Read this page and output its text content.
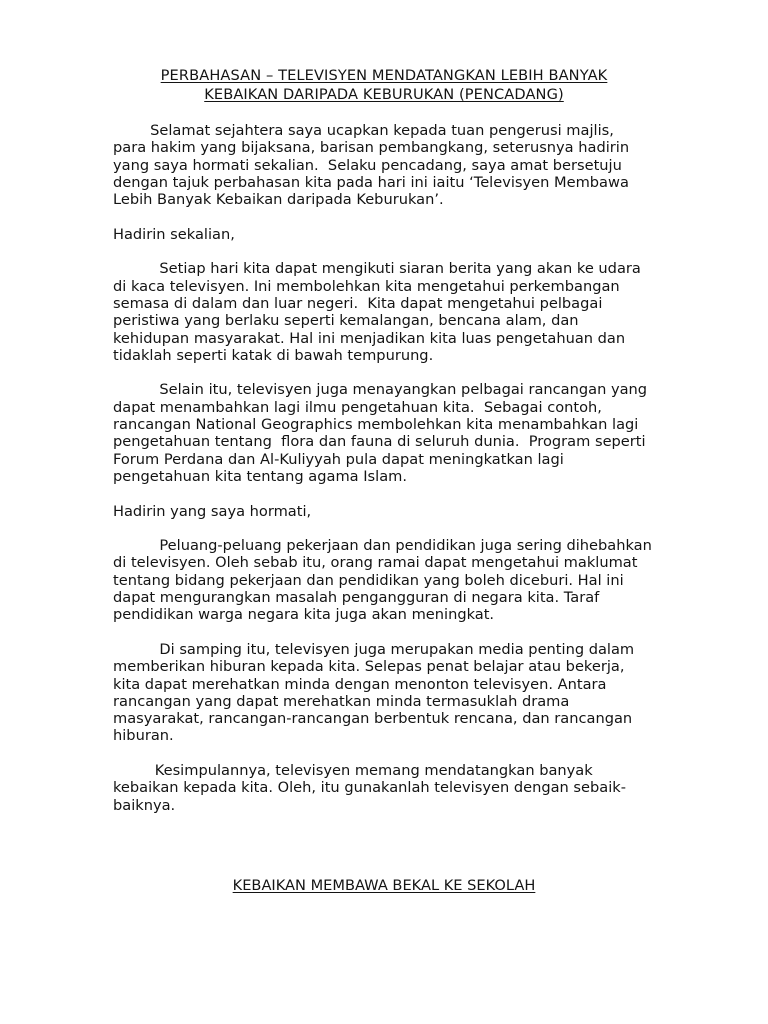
PERBAHASAN – TELEVISYEN MENDATANGKAN LEBIH BANYAK
KEBAIKAN DARIPADA KEBURUKAN (PENCADANG)

Selamat sejahtera saya ucapkan kepada tuan pengerusi majlis,

para hakim yang bijaksana, barisan pembangkang, seterusnya hadirin

yang saya hormati sekalian.  Selaku pencadang, saya amat bersetuju

dengan tajuk perbahasan kita pada hari ini iaitu ‘Televisyen Membawa

Lebih Banyak Kebaikan daripada Keburukan’.

Hadirin sekalian,

Setiap hari kita dapat mengikuti siaran berita yang akan ke udara

di kaca televisyen. Ini membolehkan kita mengetahui perkembangan

semasa di dalam dan luar negeri.  Kita dapat mengetahui pelbagai

peristiwa yang berlaku seperti kemalangan, bencana alam, dan

kehidupan masyarakat. Hal ini menjadikan kita luas pengetahuan dan

tidaklah seperti katak di bawah tempurung.

Selain itu, televisyen juga menayangkan pelbagai rancangan yang

dapat menambahkan lagi ilmu pengetahuan kita.  Sebagai contoh,

rancangan National Geographics membolehkan kita menambahkan lagi

pengetahuan tentang  flora dan fauna di seluruh dunia.  Program seperti

Forum Perdana dan Al-Kuliyyah pula dapat meningkatkan lagi

pengetahuan kita tentang agama Islam.

Hadirin yang saya hormati,

Peluang-peluang pekerjaan dan pendidikan juga sering dihebahkan

di televisyen. Oleh sebab itu, orang ramai dapat mengetahui maklumat

tentang bidang pekerjaan dan pendidikan yang boleh diceburi. Hal ini

dapat mengurangkan masalah pengangguran di negara kita. Taraf

pendidikan warga negara kita juga akan meningkat.

Di samping itu, televisyen juga merupakan media penting dalam

memberikan hiburan kepada kita. Selepas penat belajar atau bekerja,

kita dapat merehatkan minda dengan menonton televisyen. Antara

rancangan yang dapat merehatkan minda termasuklah drama

masyarakat, rancangan-rancangan berbentuk rencana, dan rancangan

hiburan.

Kesimpulannya, televisyen memang mendatangkan banyak

kebaikan kepada kita. Oleh, itu gunakanlah televisyen dengan sebaik-

baiknya.

KEBAIKAN MEMBAWA BEKAL KE SEKOLAH
